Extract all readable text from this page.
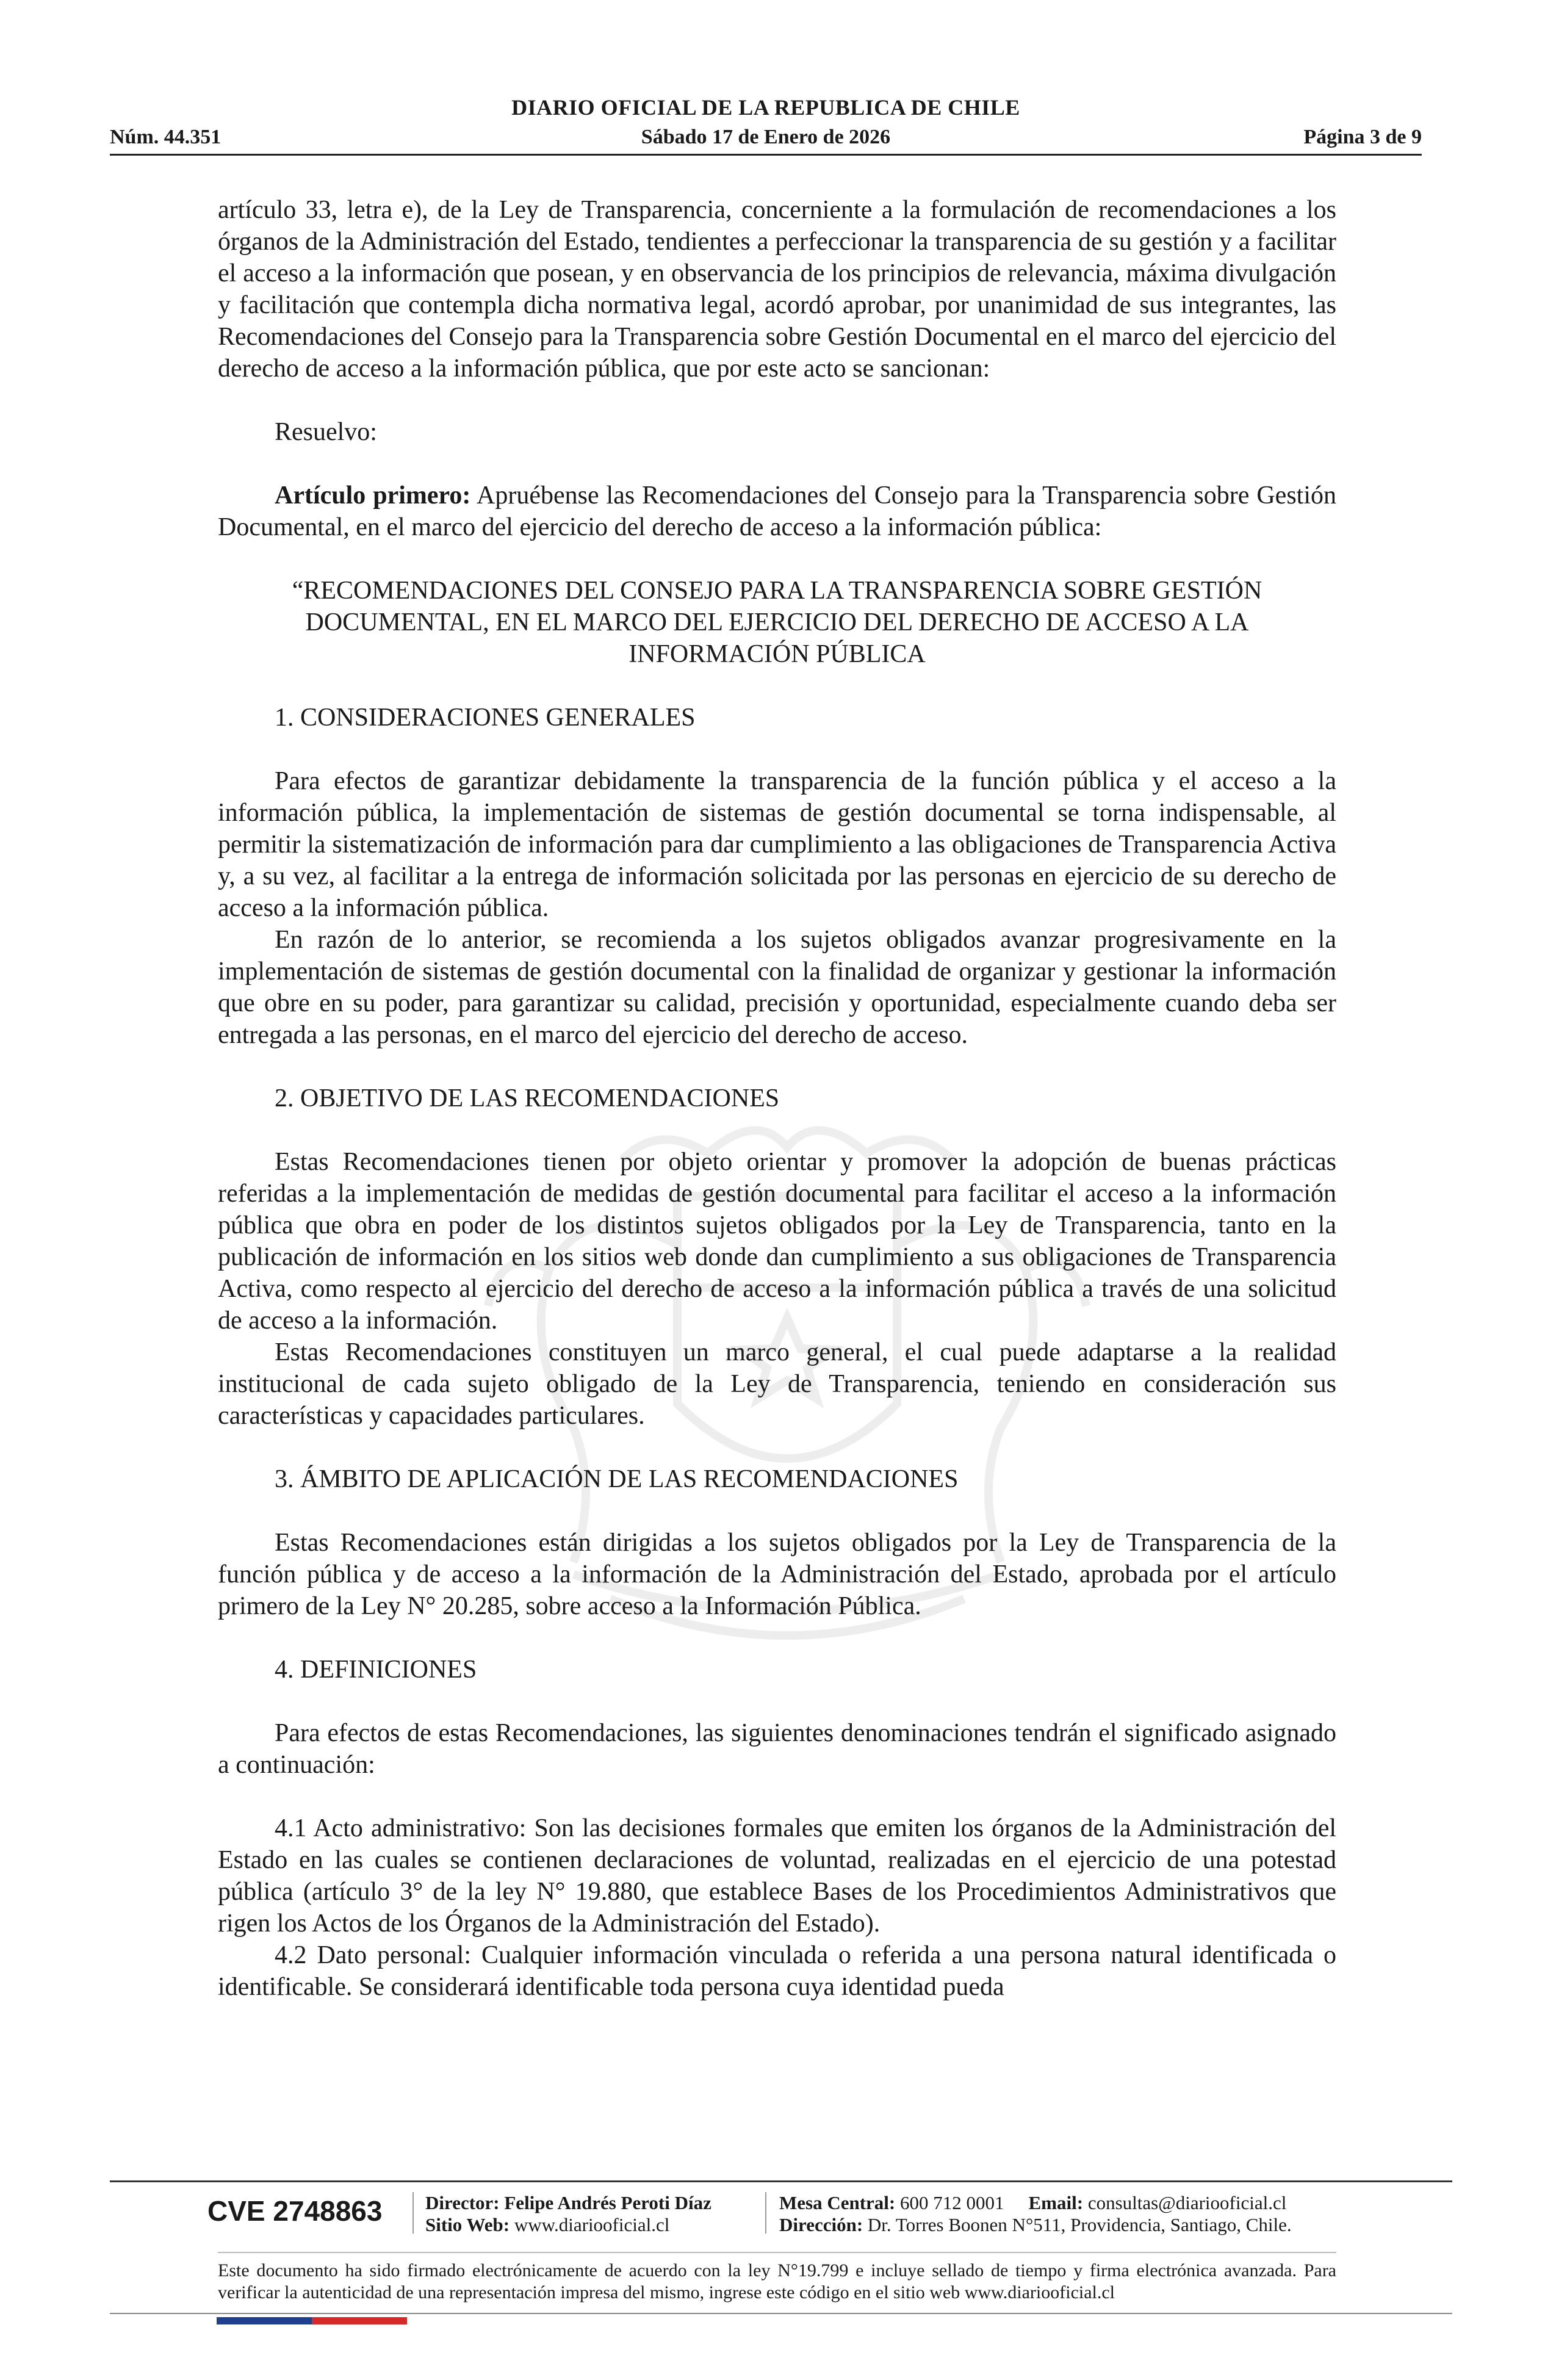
DIARIO OFICIAL DE LA REPUBLICA DE CHILE
Núm. 44.351	Sábado 17 de Enero de 2026	Página 3 de 9

artículo 33, letra e), de la Ley de Transparencia, concerniente a la formulación de recomendaciones a los órganos de la Administración del Estado, tendientes a perfeccionar la transparencia de su gestión y a facilitar el acceso a la información que posean, y en observancia de los principios de relevancia, máxima divulgación y facilitación que contempla dicha normativa legal, acordó aprobar, por unanimidad de sus integrantes, las Recomendaciones del Consejo para la Transparencia sobre Gestión Documental en el marco del ejercicio del derecho de acceso a la información pública, que por este acto se sancionan:

Resuelvo:

Artículo primero: Apruébense las Recomendaciones del Consejo para la Transparencia sobre Gestión Documental, en el marco del ejercicio del derecho de acceso a la información pública:

“RECOMENDACIONES DEL CONSEJO PARA LA TRANSPARENCIA SOBRE GESTIÓN DOCUMENTAL, EN EL MARCO DEL EJERCICIO DEL DERECHO DE ACCESO A LA INFORMACIÓN PÚBLICA

1. CONSIDERACIONES GENERALES

Para efectos de garantizar debidamente la transparencia de la función pública y el acceso a la información pública, la implementación de sistemas de gestión documental se torna indispensable, al permitir la sistematización de información para dar cumplimiento a las obligaciones de Transparencia Activa y, a su vez, al facilitar a la entrega de información solicitada por las personas en ejercicio de su derecho de acceso a la información pública.

En razón de lo anterior, se recomienda a los sujetos obligados avanzar progresivamente en la implementación de sistemas de gestión documental con la finalidad de organizar y gestionar la información que obre en su poder, para garantizar su calidad, precisión y oportunidad, especialmente cuando deba ser entregada a las personas, en el marco del ejercicio del derecho de acceso.

2. OBJETIVO DE LAS RECOMENDACIONES

Estas Recomendaciones tienen por objeto orientar y promover la adopción de buenas prácticas referidas a la implementación de medidas de gestión documental para facilitar el acceso a la información pública que obra en poder de los distintos sujetos obligados por la Ley de Transparencia, tanto en la publicación de información en los sitios web donde dan cumplimiento a sus obligaciones de Transparencia Activa, como respecto al ejercicio del derecho de acceso a la información pública a través de una solicitud de acceso a la información.

Estas Recomendaciones constituyen un marco general, el cual puede adaptarse a la realidad institucional de cada sujeto obligado de la Ley de Transparencia, teniendo en consideración sus características y capacidades particulares.

3. ÁMBITO DE APLICACIÓN DE LAS RECOMENDACIONES

Estas Recomendaciones están dirigidas a los sujetos obligados por la Ley de Transparencia de la función pública y de acceso a la información de la Administración del Estado, aprobada por el artículo primero de la Ley N° 20.285, sobre acceso a la Información Pública.

4. DEFINICIONES

Para efectos de estas Recomendaciones, las siguientes denominaciones tendrán el significado asignado a continuación:

4.1 Acto administrativo: Son las decisiones formales que emiten los órganos de la Administración del Estado en las cuales se contienen declaraciones de voluntad, realizadas en el ejercicio de una potestad pública (artículo 3° de la ley N° 19.880, que establece Bases de los Procedimientos Administrativos que rigen los Actos de los Órganos de la Administración del Estado).

4.2 Dato personal: Cualquier información vinculada o referida a una persona natural identificada o identificable. Se considerará identificable toda persona cuya identidad pueda

CVE 2748863 Director: Felipe Andrés Peroti Díaz
Sitio Web: www.diariooficial.cl
Mesa Central: 600 712 0001 Email: consultas@diariooficial.cl
Dirección: Dr. Torres Boonen N°511, Providencia, Santiago, Chile.
Este documento ha sido firmado electrónicamente de acuerdo con la ley N°19.799 e incluye sellado de tiempo y firma electrónica avanzada. Para verificar la autenticidad de una representación impresa del mismo, ingrese este código en el sitio web www.diariooficial.cl
